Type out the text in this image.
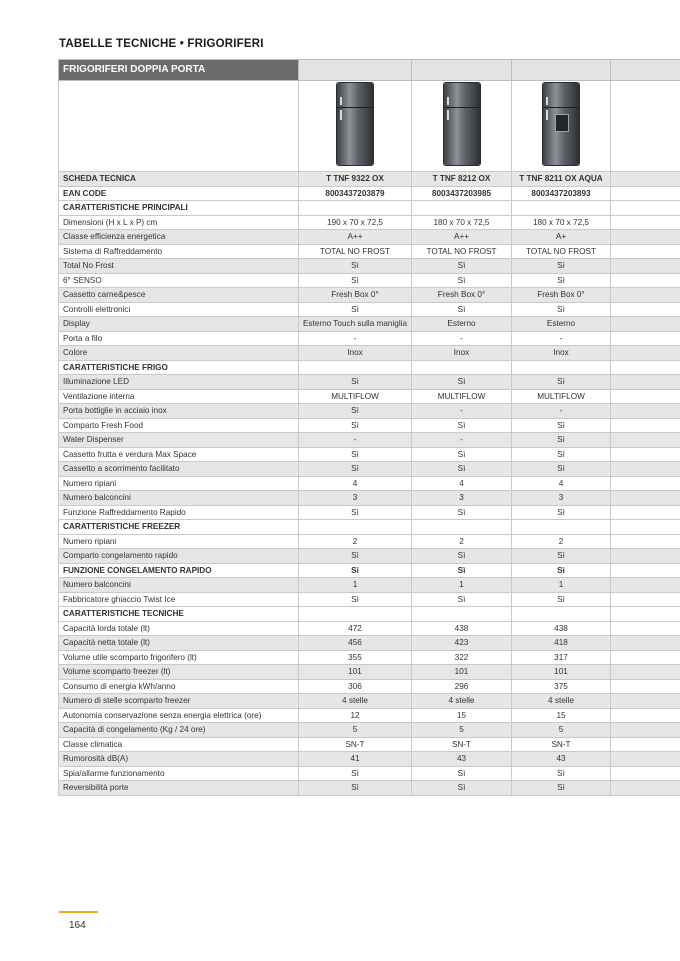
TABELLE TECNICHE • FRIGORIFERI
FRIGORIFERI DOPPIA PORTA				

SCHEDA TECNICA	T TNF 9322 OX	T TNF 8212 OX	T TNF 8211 OX AQUA	
EAN CODE	8003437203879	8003437203985	8003437203893	
CARATTERISTICHE PRINCIPALI				
Dimensioni (H x L x P) cm	190 x 70 x 72,5	180 x 70 x 72,5	180 x 70 x 72,5	
Classe efficienza energetica	A++	A++	A+	
Sistema di Raffreddamento	TOTAL NO FROST	TOTAL NO FROST	TOTAL NO FROST	
Total No Frost	Sì	Sì	Sì	
6° SENSO	Sì	Sì	Sì	
Cassetto carne&pesce	Fresh Box 0°	Fresh Box 0°	Fresh Box 0°	
Controlli elettronici	Sì	Sì	Sì	
Display	Esterno Touch sulla maniglia	Esterno	Esterno	
Porta a filo	-	-	-	
Colore	Inox	Inox	Inox	
CARATTERISTICHE FRIGO				
Illuminazione LED	Sì	Sì	Sì	
Ventilazione interna	MULTIFLOW	MULTIFLOW	MULTIFLOW	
Porta bottiglie in acciaio inox	Sì	-	-	
Comparto Fresh Food	Sì	Sì	Sì	
Water Dispenser	-	-	Sì	
Cassetto frutta e verdura Max Space	Sì	Sì	Sì	
Cassetto a scorrimento facilitato	Sì	Sì	Sì	
Numero ripiani	4	4	4	
Numero balconcini	3	3	3	
Funzione Raffreddamento Rapido	Sì	Sì	Sì	
CARATTERISTICHE FREEZER				
Numero ripiani	2	2	2	
Comparto congelamento rapido	Sì	Sì	Sì	
FUNZIONE CONGELAMENTO RAPIDO	Sì	Sì	Sì	
Numero balconcini	1	1	1	
Fabbricatore ghiaccio Twist Ice	Sì	Sì	Sì	
CARATTERISTICHE TECNICHE				
Capacità lorda totale (lt)	472	438	438	
Capacità netta totale (lt)	456	423	418	
Volume utile scomparto frigorifero (lt)	355	322	317	
Volume scomparto freezer (lt)	101	101	101	
Consumo di energia kWh/anno	306	296	375	
Numero di stelle scomparto freezer	4 stelle	4 stelle	4 stelle	
Autonomia conservazione senza energia elettrica (ore)	12	15	15	
Capacità di congelamento (Kg / 24 ore)	5	5	5	
Classe climatica	SN-T	SN-T	SN-T	
Rumorosità dB(A)	41	43	43	
Spia/allarme funzionamento	Sì	Sì	Sì	
Reversibilità porte	Sì	Sì	Sì	
164
